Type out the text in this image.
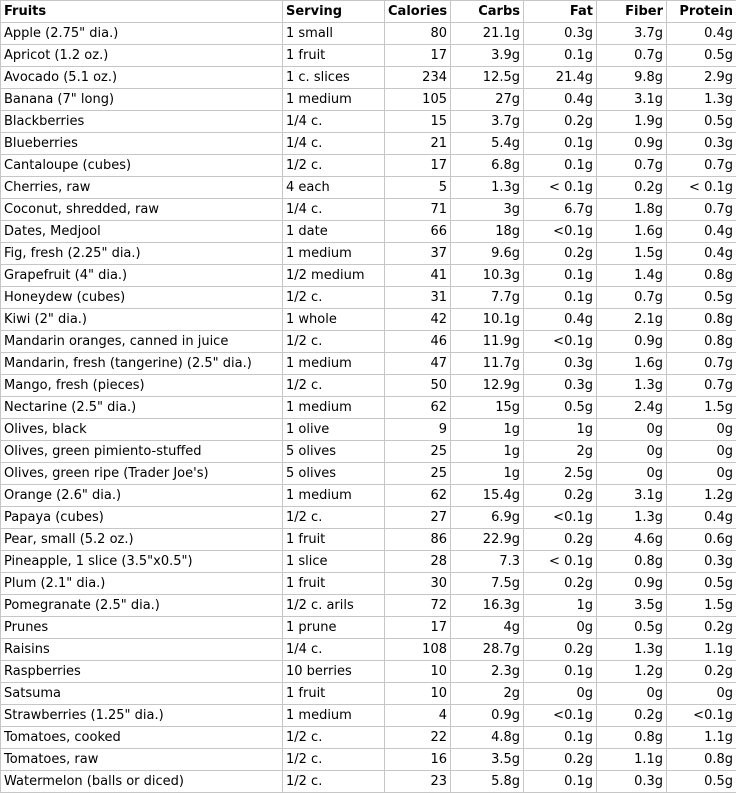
Fruits	Serving	Calories	Carbs	Fat	Fiber	Protein
Apple (2.75" dia.)	1 small	80	21.1g	0.3g	3.7g	0.4g
Apricot (1.2 oz.)	1 fruit	17	3.9g	0.1g	0.7g	0.5g
Avocado (5.1 oz.)	1 c. slices	234	12.5g	21.4g	9.8g	2.9g
Banana (7" long)	1 medium	105	27g	0.4g	3.1g	1.3g
Blackberries	1/4 c.	15	3.7g	0.2g	1.9g	0.5g
Blueberries	1/4 c.	21	5.4g	0.1g	0.9g	0.3g
Cantaloupe (cubes)	1/2 c.	17	6.8g	0.1g	0.7g	0.7g
Cherries, raw	4 each	5	1.3g	< 0.1g	0.2g	< 0.1g
Coconut, shredded, raw	1/4 c.	71	3g	6.7g	1.8g	0.7g
Dates, Medjool	1 date	66	18g	<0.1g	1.6g	0.4g
Fig, fresh (2.25" dia.)	1 medium	37	9.6g	0.2g	1.5g	0.4g
Grapefruit (4" dia.)	1/2 medium	41	10.3g	0.1g	1.4g	0.8g
Honeydew (cubes)	1/2 c.	31	7.7g	0.1g	0.7g	0.5g
Kiwi (2" dia.)	1 whole	42	10.1g	0.4g	2.1g	0.8g
Mandarin oranges, canned in juice	1/2 c.	46	11.9g	<0.1g	0.9g	0.8g
Mandarin, fresh (tangerine) (2.5" dia.)	1 medium	47	11.7g	0.3g	1.6g	0.7g
Mango, fresh (pieces)	1/2 c.	50	12.9g	0.3g	1.3g	0.7g
Nectarine (2.5" dia.)	1 medium	62	15g	0.5g	2.4g	1.5g
Olives, black	1 olive	9	1g	1g	0g	0g
Olives, green pimiento-stuffed	5 olives	25	1g	2g	0g	0g
Olives, green ripe (Trader Joe's)	5 olives	25	1g	2.5g	0g	0g
Orange (2.6" dia.)	1 medium	62	15.4g	0.2g	3.1g	1.2g
Papaya (cubes)	1/2 c.	27	6.9g	<0.1g	1.3g	0.4g
Pear, small (5.2 oz.)	1 fruit	86	22.9g	0.2g	4.6g	0.6g
Pineapple, 1 slice (3.5"x0.5")	1 slice	28	7.3	< 0.1g	0.8g	0.3g
Plum (2.1" dia.)	1 fruit	30	7.5g	0.2g	0.9g	0.5g
Pomegranate (2.5" dia.)	1/2 c. arils	72	16.3g	1g	3.5g	1.5g
Prunes	1 prune	17	4g	0g	0.5g	0.2g
Raisins	1/4 c.	108	28.7g	0.2g	1.3g	1.1g
Raspberries	10 berries	10	2.3g	0.1g	1.2g	0.2g
Satsuma	1 fruit	10	2g	0g	0g	0g
Strawberries (1.25" dia.)	1 medium	4	0.9g	<0.1g	0.2g	<0.1g
Tomatoes, cooked	1/2 c.	22	4.8g	0.1g	0.8g	1.1g
Tomatoes, raw	1/2 c.	16	3.5g	0.2g	1.1g	0.8g
Watermelon (balls or diced)	1/2 c.	23	5.8g	0.1g	0.3g	0.5g
